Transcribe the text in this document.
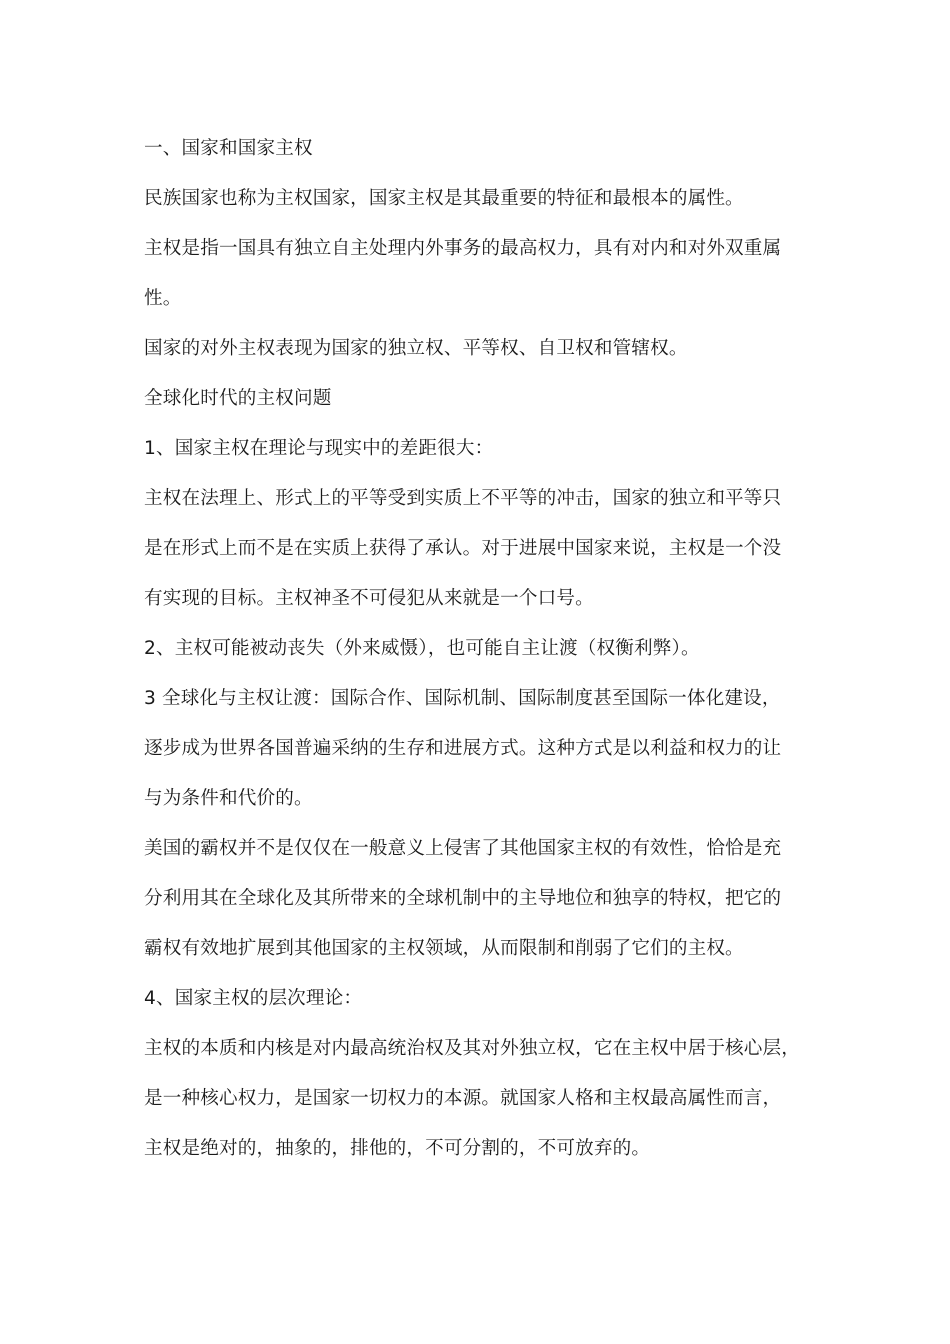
一、国家和国家主权
民族国家也称为主权国家，国家主权是其最重要的特征和最根本的属性。
主权是指一国具有独立自主处理内外事务的最高权力，具有对内和对外双重属
性。
国家的对外主权表现为国家的独立权、平等权、自卫权和管辖权。
全球化时代的主权问题
1、国家主权在理论与现实中的差距很大：
主权在法理上、形式上的平等受到实质上不平等的冲击，国家的独立和平等只
是在形式上而不是在实质上获得了承认。对于进展中国家来说，主权是一个没
有实现的目标。主权神圣不可侵犯从来就是一个口号。
2、主权可能被动丧失（外来威慑），也可能自主让渡（权衡利弊）。
3 全球化与主权让渡：国际合作、国际机制、国际制度甚至国际一体化建设，
逐步成为世界各国普遍采纳的生存和进展方式。这种方式是以利益和权力的让
与为条件和代价的。
美国的霸权并不是仅仅在一般意义上侵害了其他国家主权的有效性，恰恰是充
分利用其在全球化及其所带来的全球机制中的主导地位和独享的特权，把它的
霸权有效地扩展到其他国家的主权领域，从而限制和削弱了它们的主权。
4、国家主权的层次理论：
主权的本质和内核是对内最高统治权及其对外独立权，它在主权中居于核心层，
是一种核心权力，是国家一切权力的本源。就国家人格和主权最高属性而言，
主权是绝对的，抽象的，排他的，不可分割的，不可放弃的。
